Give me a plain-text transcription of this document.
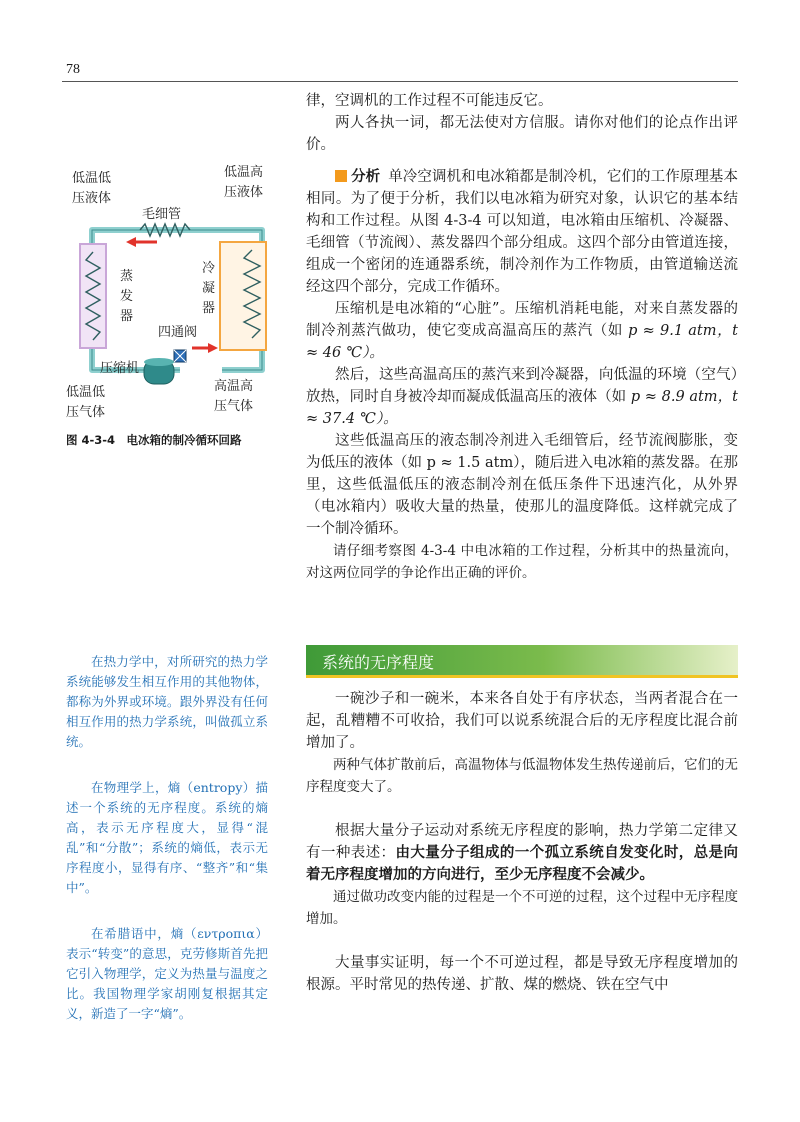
78
低温低
压液体
低温高
压液体
毛细管
蒸
发
器
冷
凝
器
四通阀
压缩机
低温低
压气体
高温高
压气体
图 4-3-4　电冰箱的制冷循环回路

律，空调机的工作过程不可能违反它。

两人各执一词，都无法使对方信服。请你对他们的论点作出评价。

分析 单冷空调机和电冰箱都是制冷机，它们的工作原理基本相同。为了便于分析，我们以电冰箱为研究对象，认识它的基本结构和工作过程。从图 4-3-4 可以知道，电冰箱由压缩机、冷凝器、毛细管（节流阀）、蒸发器四个部分组成。这四个部分由管道连接，组成一个密闭的连通器系统，制冷剂作为工作物质，由管道输送流经这四个部分，完成工作循环。

压缩机是电冰箱的“心脏”。压缩机消耗电能，对来自蒸发器的制冷剂蒸汽做功，使它变成高温高压的蒸汽（如 p ≈ 9.1 atm，t ≈ 46 ℃）。

然后，这些高温高压的蒸汽来到冷凝器，向低温的环境（空气）放热，同时自身被冷却而凝成低温高压的液体（如 p ≈ 8.9 atm，t ≈ 37.4 ℃）。

这些低温高压的液态制冷剂进入毛细管后，经节流阀膨胀，变为低压的液体（如 p ≈ 1.5 atm），随后进入电冰箱的蒸发器。在那里，这些低温低压的液态制冷剂在低压条件下迅速汽化，从外界（电冰箱内）吸收大量的热量，使那儿的温度降低。这样就完成了一个制冷循环。

请仔细考察图 4-3-4 中电冰箱的工作过程，分析其中的热量流向，对这两位同学的争论作出正确的评价。

系统的无序程度

一碗沙子和一碗米，本来各自处于有序状态，当两者混合在一起，乱糟糟不可收拾，我们可以说系统混合后的无序程度比混合前增加了。

两种气体扩散前后，高温物体与低温物体发生热传递前后，它们的无序程度变大了。

根据大量分子运动对系统无序程度的影响，热力学第二定律又有一种表述：由大量分子组成的一个孤立系统自发变化时，总是向着无序程度增加的方向进行，至少无序程度不会减少。

通过做功改变内能的过程是一个不可逆的过程，这个过程中无序程度增加。

大量事实证明，每一个不可逆过程，都是导致无序程度增加的根源。平时常见的热传递、扩散、煤的燃烧、铁在空气中

在热力学中，对所研究的热力学系统能够发生相互作用的其他物体，都称为外界或环境。跟外界没有任何相互作用的热力学系统，叫做孤立系统。

在物理学上，熵（entropy）描述一个系统的无序程度。系统的熵高，表示无序程度大，显得“混乱”和“分散”；系统的熵低，表示无序程度小，显得有序、“整齐”和“集中”。

在希腊语中，熵（εντροπια）表示“转变”的意思，克劳修斯首先把它引入物理学，定义为热量与温度之比。我国物理学家胡刚复根据其定义，新造了一字“熵”。
